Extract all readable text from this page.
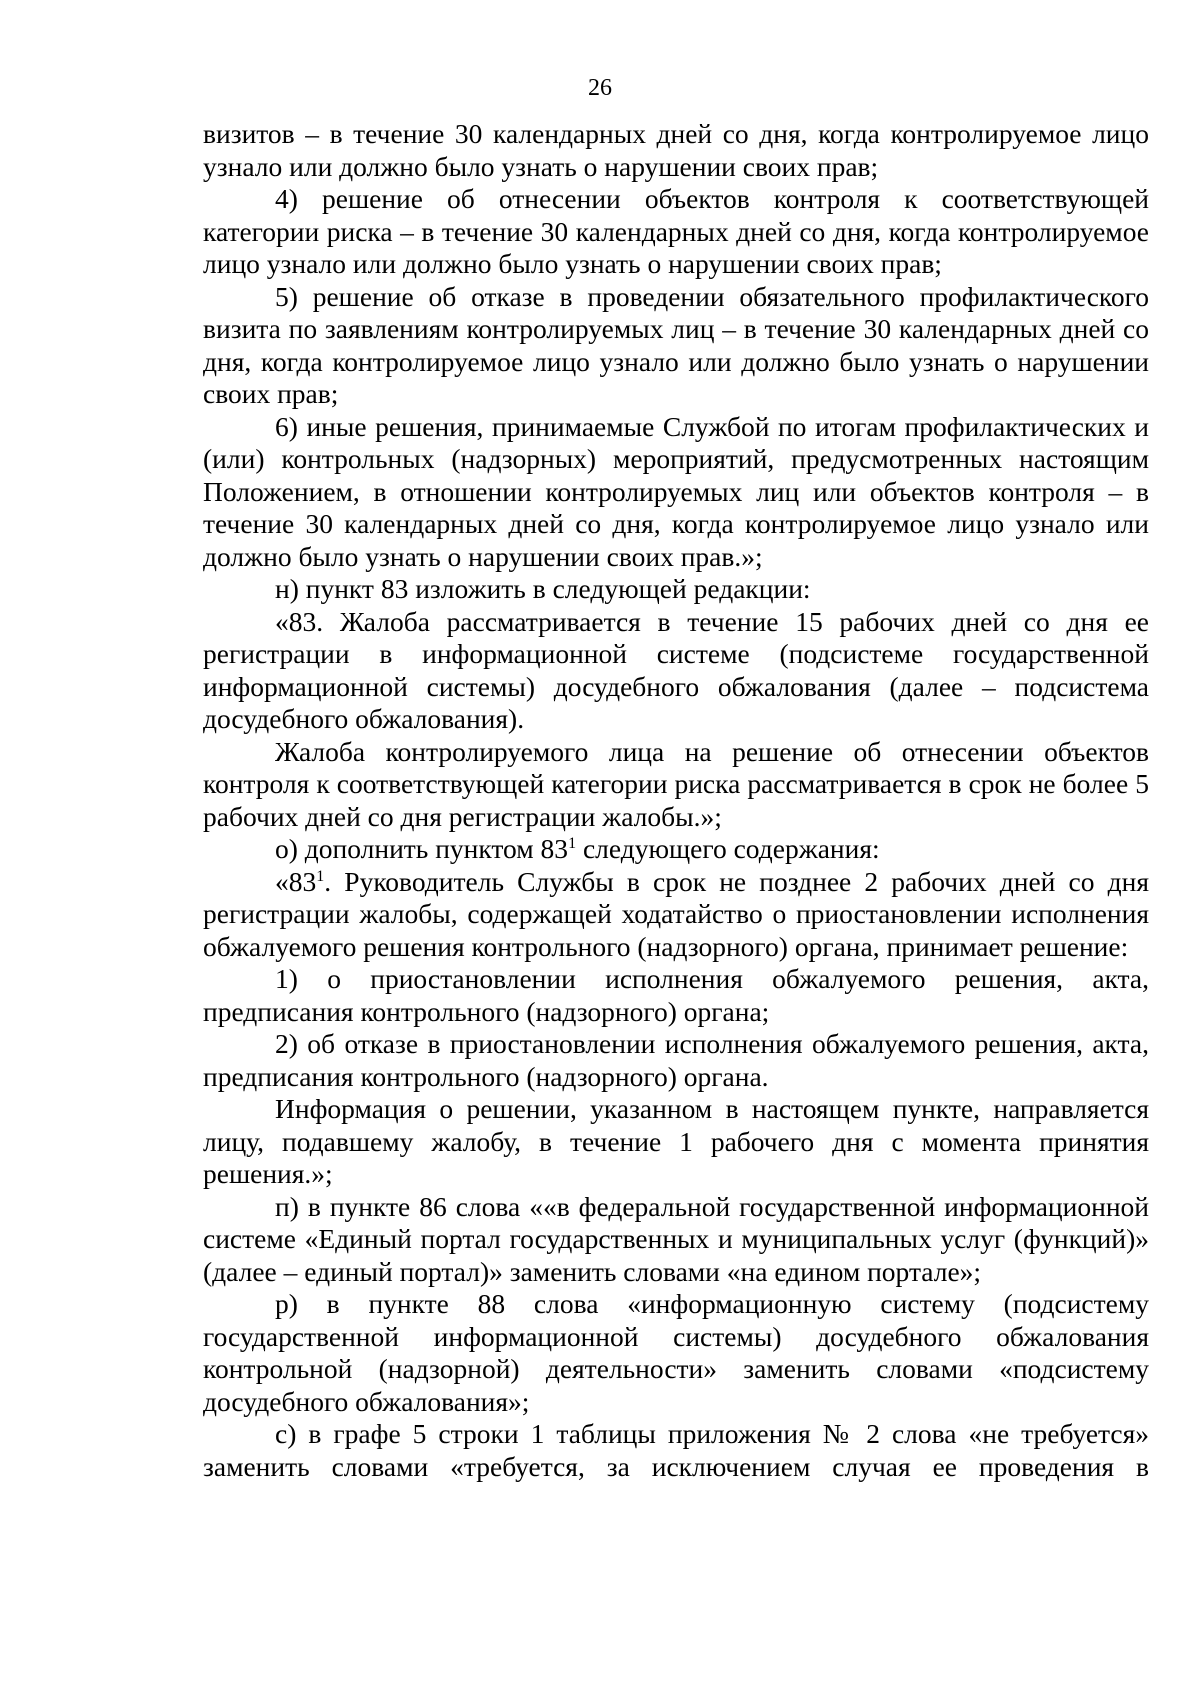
26

визитов – в течение 30 календарных дней со дня, когда контролируемое лицо узнало или должно было узнать о нарушении своих прав;

4) решение об отнесении объектов контроля к соответствующей категории риска – в течение 30 календарных дней со дня, когда контролируемое лицо узнало или должно было узнать о нарушении своих прав;

5) решение об отказе в проведении обязательного профилактического визита по заявлениям контролируемых лиц – в течение 30 календарных дней со дня, когда контролируемое лицо узнало или должно было узнать о нарушении своих прав;

6) иные решения, принимаемые Службой по итогам профилактических и (или) контрольных (надзорных) мероприятий, предусмотренных настоящим Положением, в отношении контролируемых лиц или объектов контроля – в течение 30 календарных дней со дня, когда контролируемое лицо узнало или должно было узнать о нарушении своих прав.»;

н) пункт 83 изложить в следующей редакции:

«83. Жалоба рассматривается в течение 15 рабочих дней со дня ее регистрации в информационной системе (подсистеме государственной информационной системы) досудебного обжалования (далее – подсистема досудебного обжалования).

Жалоба контролируемого лица на решение об отнесении объектов контроля к соответствующей категории риска рассматривается в срок не более 5 рабочих дней со дня регистрации жалобы.»;

о) дополнить пунктом $83^1$ следующего содержания:

«$83^1$. Руководитель Службы в срок не позднее 2 рабочих дней со дня регистрации жалобы, содержащей ходатайство о приостановлении исполнения обжалуемого решения контрольного (надзорного) органа, принимает решение:

1) о приостановлении исполнения обжалуемого решения, акта, предписания контрольного (надзорного) органа;

2) об отказе в приостановлении исполнения обжалуемого решения, акта, предписания контрольного (надзорного) органа.

Информация о решении, указанном в настоящем пункте, направляется лицу, подавшему жалобу, в течение 1 рабочего дня с момента принятия решения.»;

п) в пункте 86 слова ««в федеральной государственной информационной системе «Единый портал государственных и муниципальных услуг (функций)» (далее – единый портал)» заменить словами «на едином портале»;

р) в пункте 88 слова «информационную систему (подсистему государственной информационной системы) досудебного обжалования контрольной (надзорной) деятельности» заменить словами «подсистему досудебного обжалования»;

с) в графе 5 строки 1 таблицы приложения № 2 слова «не требуется» заменить словами «требуется, за исключением случая ее проведения в
